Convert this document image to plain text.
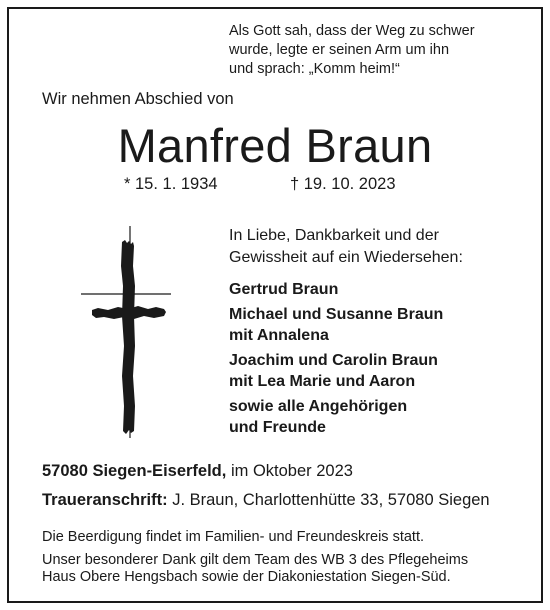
Als Gott sah, dass der Weg zu schwer
wurde, legte er seinen Arm um ihn
und sprach: „Komm heim!“
Wir nehmen Abschied von
Manfred Braun
* 15. 1. 1934	† 19. 10. 2023
In Liebe, Dankbarkeit und der
Gewissheit auf ein Wiedersehen:
Gertrud Braun
Michael und Susanne Braun
mit Annalena
Joachim und Carolin Braun
mit Lea Marie und Aaron
sowie alle Angehörigen
und Freunde
57080 Siegen-Eiserfeld, im Oktober 2023
Traueranschrift: J. Braun, Charlottenhütte 33, 57080 Siegen
Die Beerdigung findet im Familien- und Freundeskreis statt.
Unser besonderer Dank gilt dem Team des WB 3 des Pflegeheims
Haus Obere Hengsbach sowie der Diakoniestation Siegen-Süd.
